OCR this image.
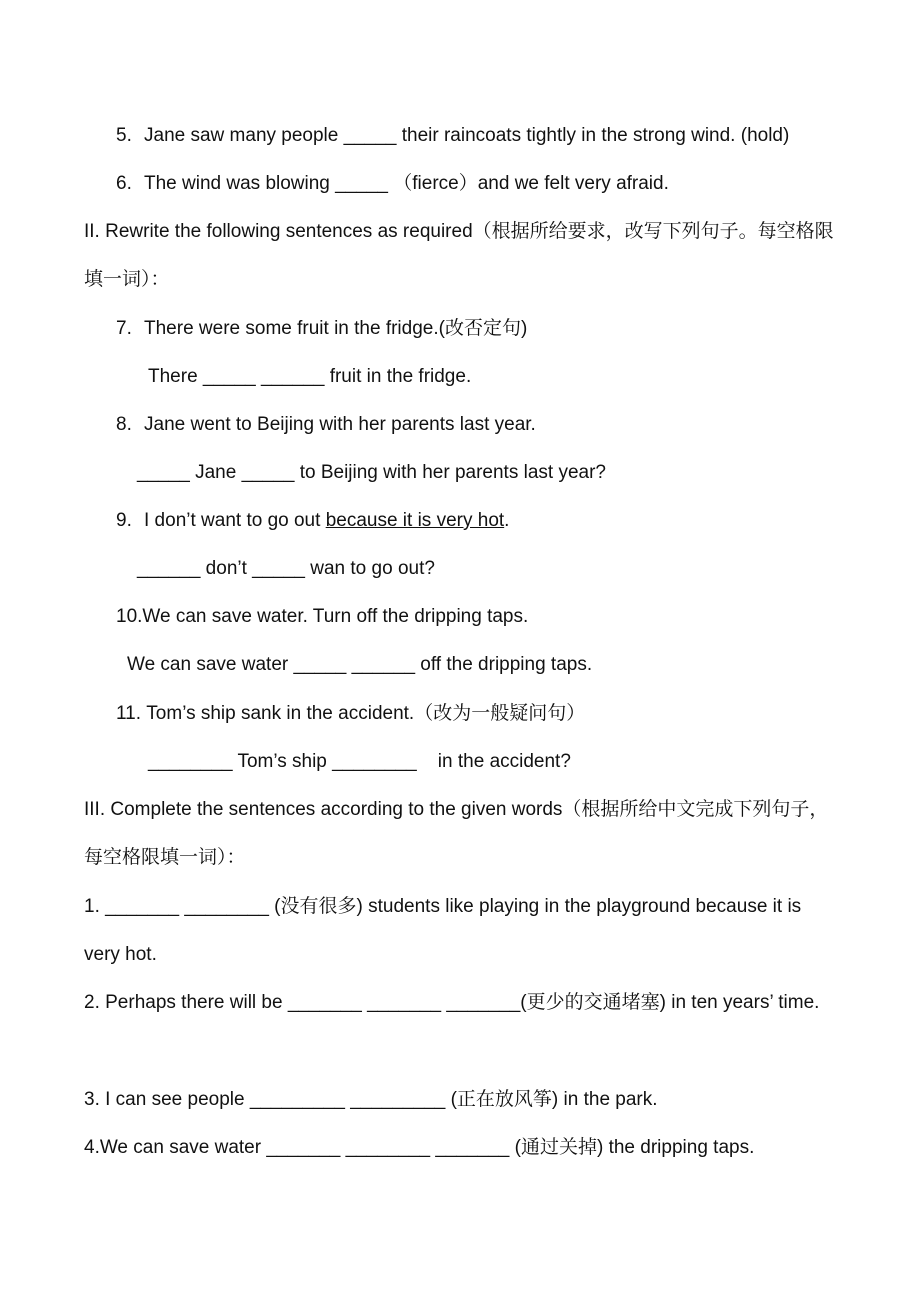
5. Jane saw many people _____ their raincoats tightly in the strong wind. (hold)
6. The wind was blowing _____ （fierce）and we felt very afraid.
II. Rewrite the following sentences as required（根据所给要求，改写下列句子。每空格限填一词）：
7. There were some fruit in the fridge.(改否定句)
There _____ ______ fruit in the fridge.
8. Jane went to Beijing with her parents last year.
_____ Jane _____ to Beijing with her parents last year?
9. I don’t want to go out because it is very hot.
______ don’t _____ wan to go out?
10.We can save water. Turn off the dripping taps.
We can save water _____ ______ off the dripping taps.
11. Tom’s ship sank in the accident.（改为一般疑问句）
________ Tom’s ship ________    in the accident?
III. Complete the sentences according to the given words（根据所给中文完成下列句子，每空格限填一词）：
1. _______ ________ (没有很多) students like playing in the playground because it is very hot.
2. Perhaps there will be _______ _______ _______(更少的交通堵塞) in ten years’ time.
3. I can see people _________ _________ (正在放风筝) in the park.
4.We can save water _______ ________ _______ (通过关掉) the dripping taps.
